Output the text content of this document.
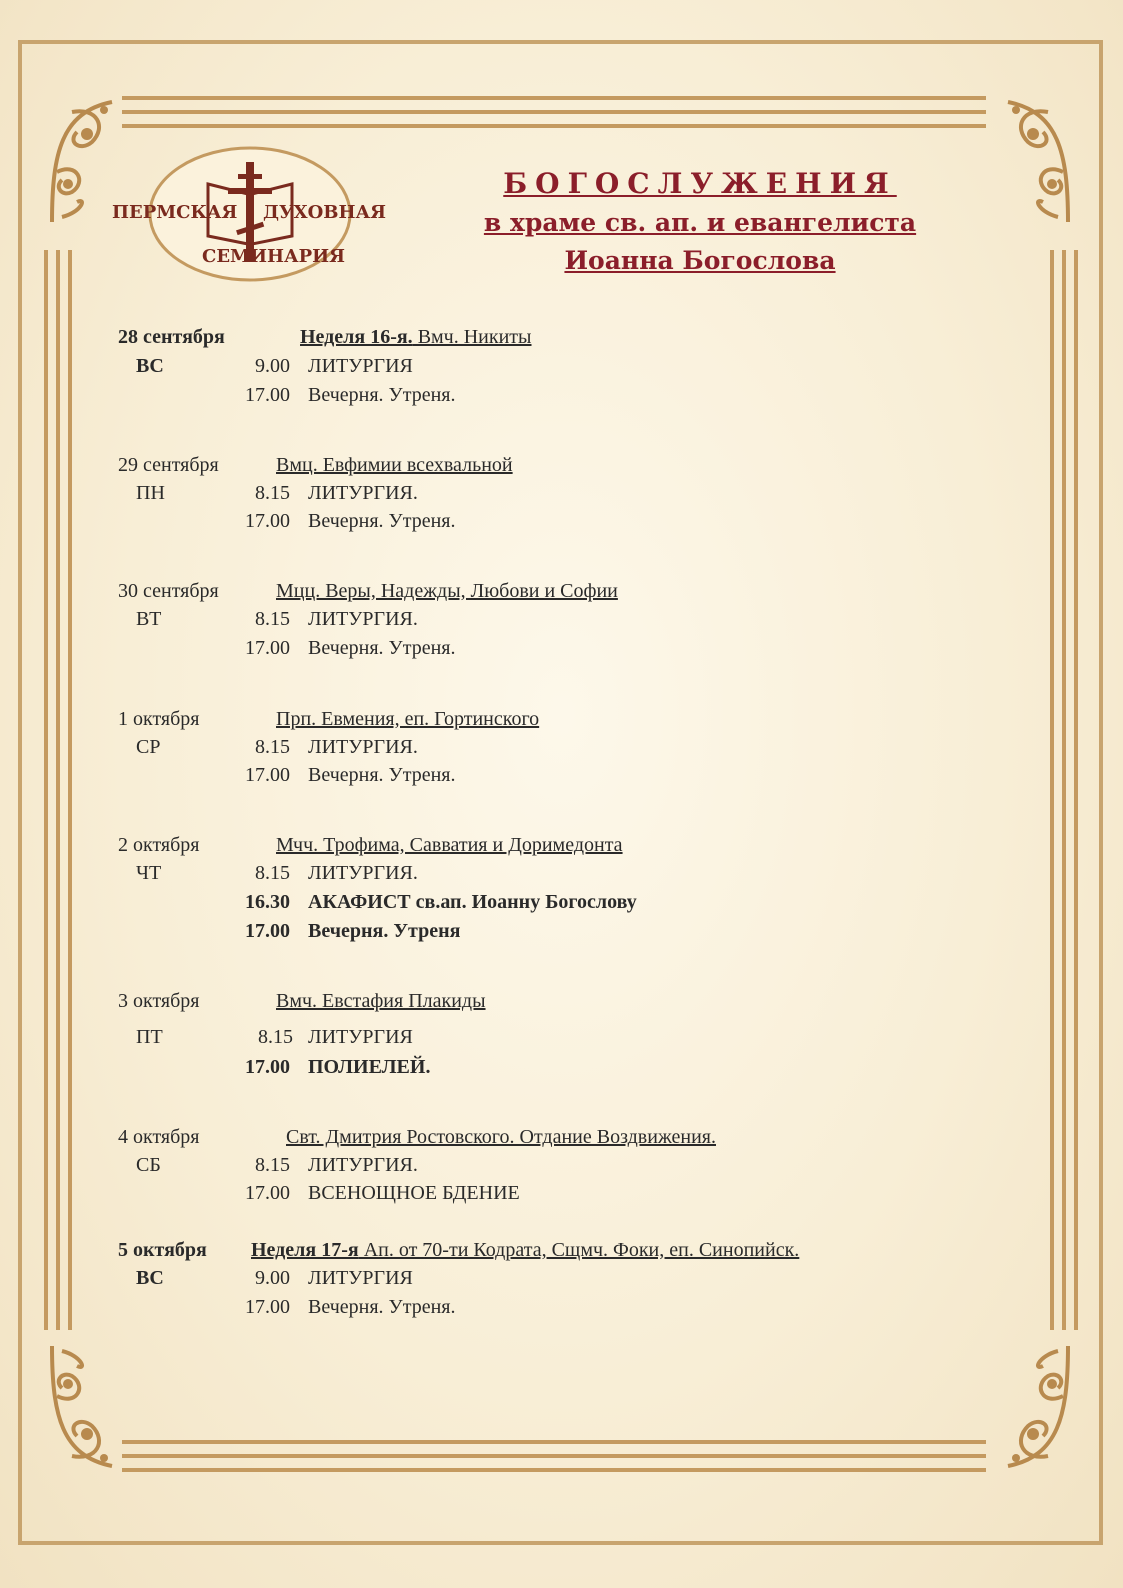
ПЕРМСКАЯ ДУХОВНАЯ
СЕМИНАРИЯ
БОГОСЛУЖЕНИЯ
в храме св. ап. и евангелиста
Иоанна Богослова
28 сентября	Неделя 16-я. Вмч. Никиты
ВС	9.00 ЛИТУРГИЯ
17.00 Вечерня. Утреня.
29 сентября	Вмц. Евфимии всехвальной
ПН	8.15 ЛИТУРГИЯ.
17.00 Вечерня. Утреня.
30 сентября	Мцц. Веры, Надежды, Любови и Софии
ВТ	8.15 ЛИТУРГИЯ.
17.00 Вечерня. Утреня.
1 октября	Прп. Евмения, еп. Гортинского
СР	8.15 ЛИТУРГИЯ.
17.00 Вечерня. Утреня.
2 октября	Мчч. Трофима, Савватия и Доримедонта
ЧТ	8.15 ЛИТУРГИЯ.
16.30 АКАФИСТ св.ап. Иоанну Богослову
17.00 Вечерня. Утреня
3 октября	Вмч. Евстафия Плакиды
ПТ	8.15 ЛИТУРГИЯ
17.00 ПОЛИЕЛЕЙ.
4 октября	Свт. Дмитрия Ростовского. Отдание Воздвижения.
СБ	8.15 ЛИТУРГИЯ.
17.00 ВСЕНОЩНОЕ БДЕНИЕ
5 октября Неделя 17-я Ап. от 70-ти Кодрата, Сщмч. Фоки, еп. Синопийск.
ВС	9.00 ЛИТУРГИЯ
17.00 Вечерня. Утреня.
